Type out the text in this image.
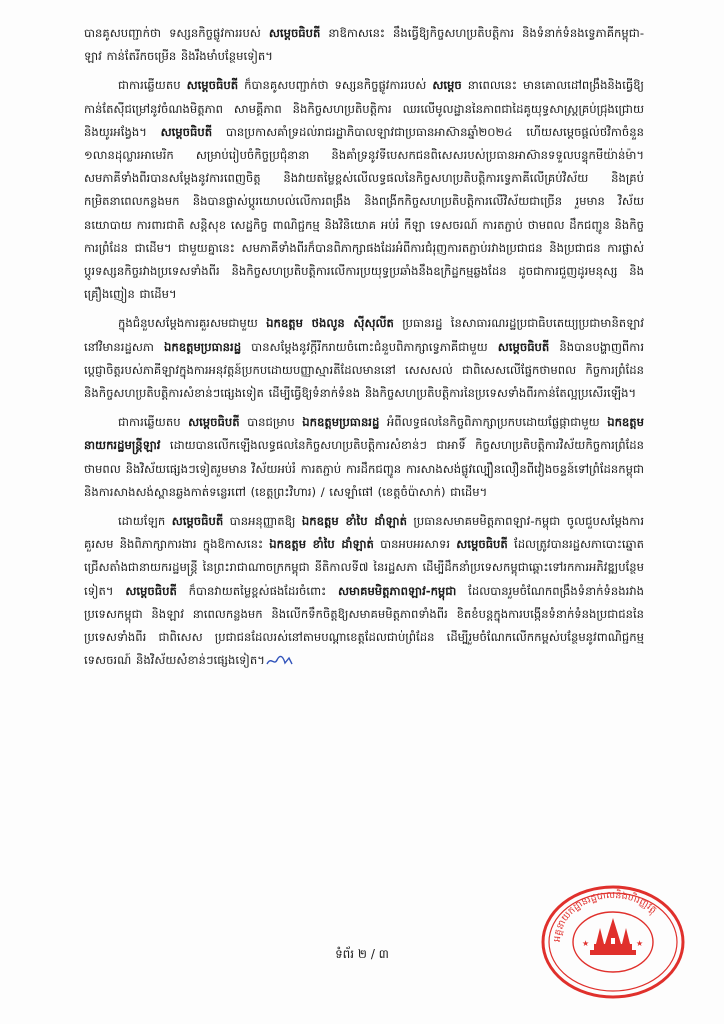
បានគូសបញ្ជាក់ថា ទស្សនកិច្ចផ្លូវការរបស់ សម្ដេចធិបតី នាឱកាសនេះ នឹងធ្វើឱ្យកិច្ចសហប្រតិបត្តិការ និងទំនាក់ទំនងទ្វេភាគីកម្ពុជា-ឡាវ កាន់តែរីកចម្រើន និងរឹងមាំបន្ថែមទៀត។

ជាការឆ្លើយតប សម្ដេចធិបតី ក៏បានគូសបញ្ជាក់ថា ទស្សនកិច្ចផ្លូវការរបស់ សម្ដេច នាពេលនេះ មានគោលដៅពង្រឹងនិងធ្វើឱ្យកាន់តែស៊ីជម្រៅនូវចំណងមិត្តភាព សាមគ្គីភាព និងកិច្ចសហប្រតិបត្តិការ ឈរលើមូលដ្ឋាននៃភាពជាដៃគូយុទ្ធសាស្ត្រគ្រប់ជ្រុងជ្រោយ និងយូរអង្វែង។ សម្ដេចធិបតី បានប្រកាសគាំទ្រដល់រាជរដ្ឋាភិបាលឡាវជាប្រធានអាស៊ានឆ្នាំ២០២៤ ហើយសម្ដេចផ្ដល់ថវិកាចំនួន ១លានដុល្លារអាមេរិក សម្រាប់រៀបចំកិច្ចប្រជុំនានា និងគាំទ្រនូវទីបេសកជនពិសេសរបស់ប្រធានអាស៊ានទទួលបន្ទុកមីយ៉ាន់ម៉ា។ សមភាគីទាំងពីរបានសម្ដែងនូវការពេញចិត្ត និងវាយតម្លៃខ្ពស់លើលទ្ធផលនៃកិច្ចសហប្រតិបត្តិការទ្វេភាគីលើគ្រប់វិស័យ និងគ្រប់កម្រិតនាពេលកន្លងមក និងបានផ្លាស់ប្ដូរយោបល់លើការពង្រឹង និងពង្រីកកិច្ចសហប្រតិបត្តិការលើវិស័យជាច្រើន រួមមាន វិស័យនយោបាយ ការពារជាតិ សន្តិសុខ សេដ្ឋកិច្ច ពាណិជ្ជកម្ម និងវិនិយោគ អប់រំ កីឡា ទេសចរណ៍ ការតភ្ជាប់ ថាមពល ដឹកជញ្ជូន និងកិច្ចការព្រំដែន ជាដើម។ ជាមួយគ្នានេះ សមភាគីទាំងពីរក៏បានពិភាក្សាផងដែរអំពីការជំរុញការតភ្ជាប់រវាងប្រជាជន និងប្រជាជន ការផ្លាស់ប្ដូរទស្សនកិច្ចរវាងប្រទេសទាំងពីរ និងកិច្ចសហប្រតិបត្តិការលើការប្រយុទ្ធប្រឆាំងនឹងឧក្រិដ្ឋកម្មឆ្លងដែន ដូចជាការជួញដូរមនុស្ស និងគ្រឿងញៀន ជាដើម។

ក្នុងជំនួបសម្ដែងការគួរសមជាមួយ ឯកឧត្ដម ថងលូន ស៊ីសុលីត ប្រធានរដ្ឋ នៃសាធារណរដ្ឋប្រជាធិបតេយ្យប្រជាមានិតឡាវ នៅវិមានរដ្ឋសភា ឯកឧត្ដមប្រធានរដ្ឋ បានសម្ដែងនូវក្ដីរីករាយចំពោះជំនួបពិភាក្សាទ្វេភាគីជាមួយ សម្ដេចធិបតី និងបានបង្ហាញពីការប្ដេជ្ញាចិត្តរបស់ភាគីឡាវក្នុងការអនុវត្តន៍ប្រកបដោយបញ្ញាស្មារតីដែលមាននៅ សេសសល់ ជាពិសេសលើផ្នែកថាមពល កិច្ចការព្រំដែន និងកិច្ចសហប្រតិបត្តិការសំខាន់ៗផ្សេងទៀត ដើម្បីធ្វើឱ្យទំនាក់ទំនង និងកិច្ចសហប្រតិបត្តិការនៃប្រទេសទាំងពីរកាន់តែល្អប្រសើរឡើង។

ជាការឆ្លើយតប សម្ដេចធិបតី បានជម្រាប ឯកឧត្ដមប្រធានរដ្ឋ អំពីលទ្ធផលនៃកិច្ចពិភាក្សាប្រកបដោយផ្លែផ្កាជាមួយ ឯកឧត្ដមនាយករដ្ឋមន្ត្រីឡាវ ដោយបានលើកឡើងលទ្ធផលនៃកិច្ចសហប្រតិបត្តិការសំខាន់ៗ ជាអាទិ៍ កិច្ចសហប្រតិបត្តិការវិស័យកិច្ចការព្រំដែន ថាមពល និងវិស័យផ្សេងៗទៀតរួមមាន វិស័យអប់រំ ការតភ្ជាប់ ការដឹកជញ្ជូន ការសាងសង់ផ្លូវល្បឿនលឿនពីវៀងចន្ទន៍ទៅព្រំដែនកម្ពុជា និងការសាងសង់ស្ពានឆ្លងកាត់ទន្លេរពៅ (ខេត្តព្រះវិហារ) / សេឡាំផៅ (ខេត្តចំប៉ាសាក់) ជាដើម។

ដោយឡែក សម្ដេចធិបតី បានអនុញ្ញាតឱ្យ ឯកឧត្ដម ខាំបៃ ដាំឡាត់ ប្រធានសមាគមមិត្តភាពឡាវ-កម្ពុជា ចូលជួបសម្ដែងការគួរសម និងពិភាក្សាការងារ ក្នុងឱកាសនេះ ឯកឧត្ដម ខាំបៃ ដាំឡាត់ បានអបអរសាទរ សម្ដេចធិបតី ដែលត្រូវបានរដ្ឋសភាបោះឆ្នោតជ្រើសតាំងជានាយករដ្ឋមន្ត្រី នៃព្រះរាជាណាចក្រកម្ពុជា នីតិកាលទី៧ នៃរដ្ឋសភា ដើម្បីដឹកនាំប្រទេសកម្ពុជាឆ្ពោះទៅរកការអភិវឌ្ឍបន្ថែមទៀត។ សម្ដេចធិបតី ក៏បានវាយតម្លៃខ្ពស់ផងដែរចំពោះ សមាគមមិត្តភាពឡាវ-កម្ពុជា ដែលបានរួមចំណែកពង្រឹងទំនាក់ទំនងរវាងប្រទេសកម្ពុជា និងឡាវ នាពេលកន្លងមក និងលើកទឹកចិត្តឱ្យសមាគមមិត្តភាពទាំងពីរ ខិតខំបន្តក្នុងការបង្កើនទំនាក់ទំនងប្រជាជននៃប្រទេសទាំងពីរ ជាពិសេស ប្រជាជនដែលរស់នៅតាមបណ្ដាខេត្តដែលជាប់ព្រំដែន ដើម្បីរួមចំណែកលើកកម្ពស់បន្ថែមនូវពាណិជ្ជកម្ម ទេសចរណ៍ និងវិស័យសំខាន់ៗផ្សេងទៀត។

ទំព័រ ២ / ៣
អគ្គនាយកដ្ឋានរដ្ឋបាលនិងហិរញ្ញវត្ថុ
★	★
